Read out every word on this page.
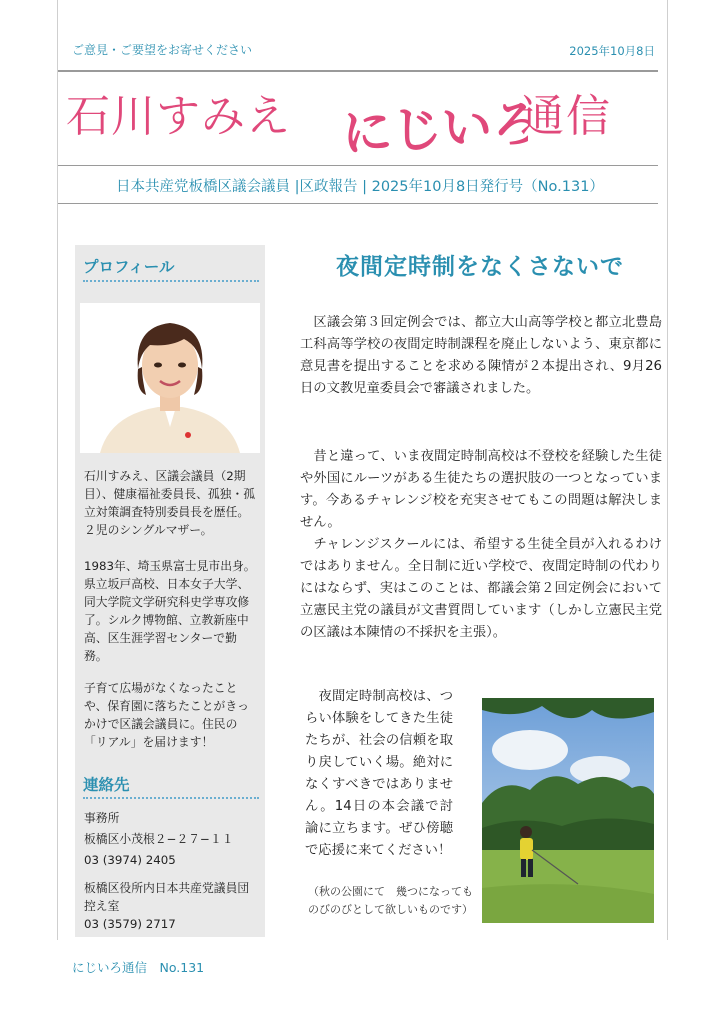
ご意見・ご要望をお寄せください	2025年10月8日
石川すみえ にじいろ
通信
日本共産党板橋区議会議員 |区政報告 | 2025年10月8日発行号（No.131）
プロフィール
石川すみえ、区議会議員（2期目）、健康福祉委員長、孤独・孤立対策調査特別委員長を歴任。２児のシングルマザー。
1983年、埼玉県富士見市出身。県立坂戸高校、日本女子大学、同大学院文学研究科史学専攻修了。シルク博物館、立教新座中高、区生涯学習センターで勤務。
子育て広場がなくなったことや、保育園に落ちたことがきっかけで区議会議員に。住民の「リアル」を届けます！
連絡先
事務所
板橋区小茂根２−２７−１１
03 (3974) 2405
板橋区役所内日本共産党議員団控え室
03 (3579) 2717
夜間定時制をなくさないで
　区議会第３回定例会では、都立大山高等学校と都立北豊島工科高等学校の夜間定時制課程を廃止しないよう、東京都に意見書を提出することを求める陳情が２本提出され、9月26日の文教児童委員会で審議されました。
　昔と違って、いま夜間定時制高校は不登校を経験した生徒や外国にルーツがある生徒たちの選択肢の一つとなっています。今あるチャレンジ校を充実させてもこの問題は解決しません。
　チャレンジスクールには、希望する生徒全員が入れるわけではありません。全日制に近い学校で、夜間定時制の代わりにはならず、実はこのことは、都議会第２回定例会において立憲民主党の議員が文書質問しています（しかし立憲民主党の区議は本陳情の不採択を主張）。
　夜間定時制高校は、つらい体験をしてきた生徒たちが、社会の信頼を取り戻していく場。絶対になくすべきではありません。14日の本会議で討論に立ちます。ぜひ傍聴で応援に来てください！
（秋の公園にて　幾つになってものびのびとして欲しいものです）
にじいろ通信　No.131
